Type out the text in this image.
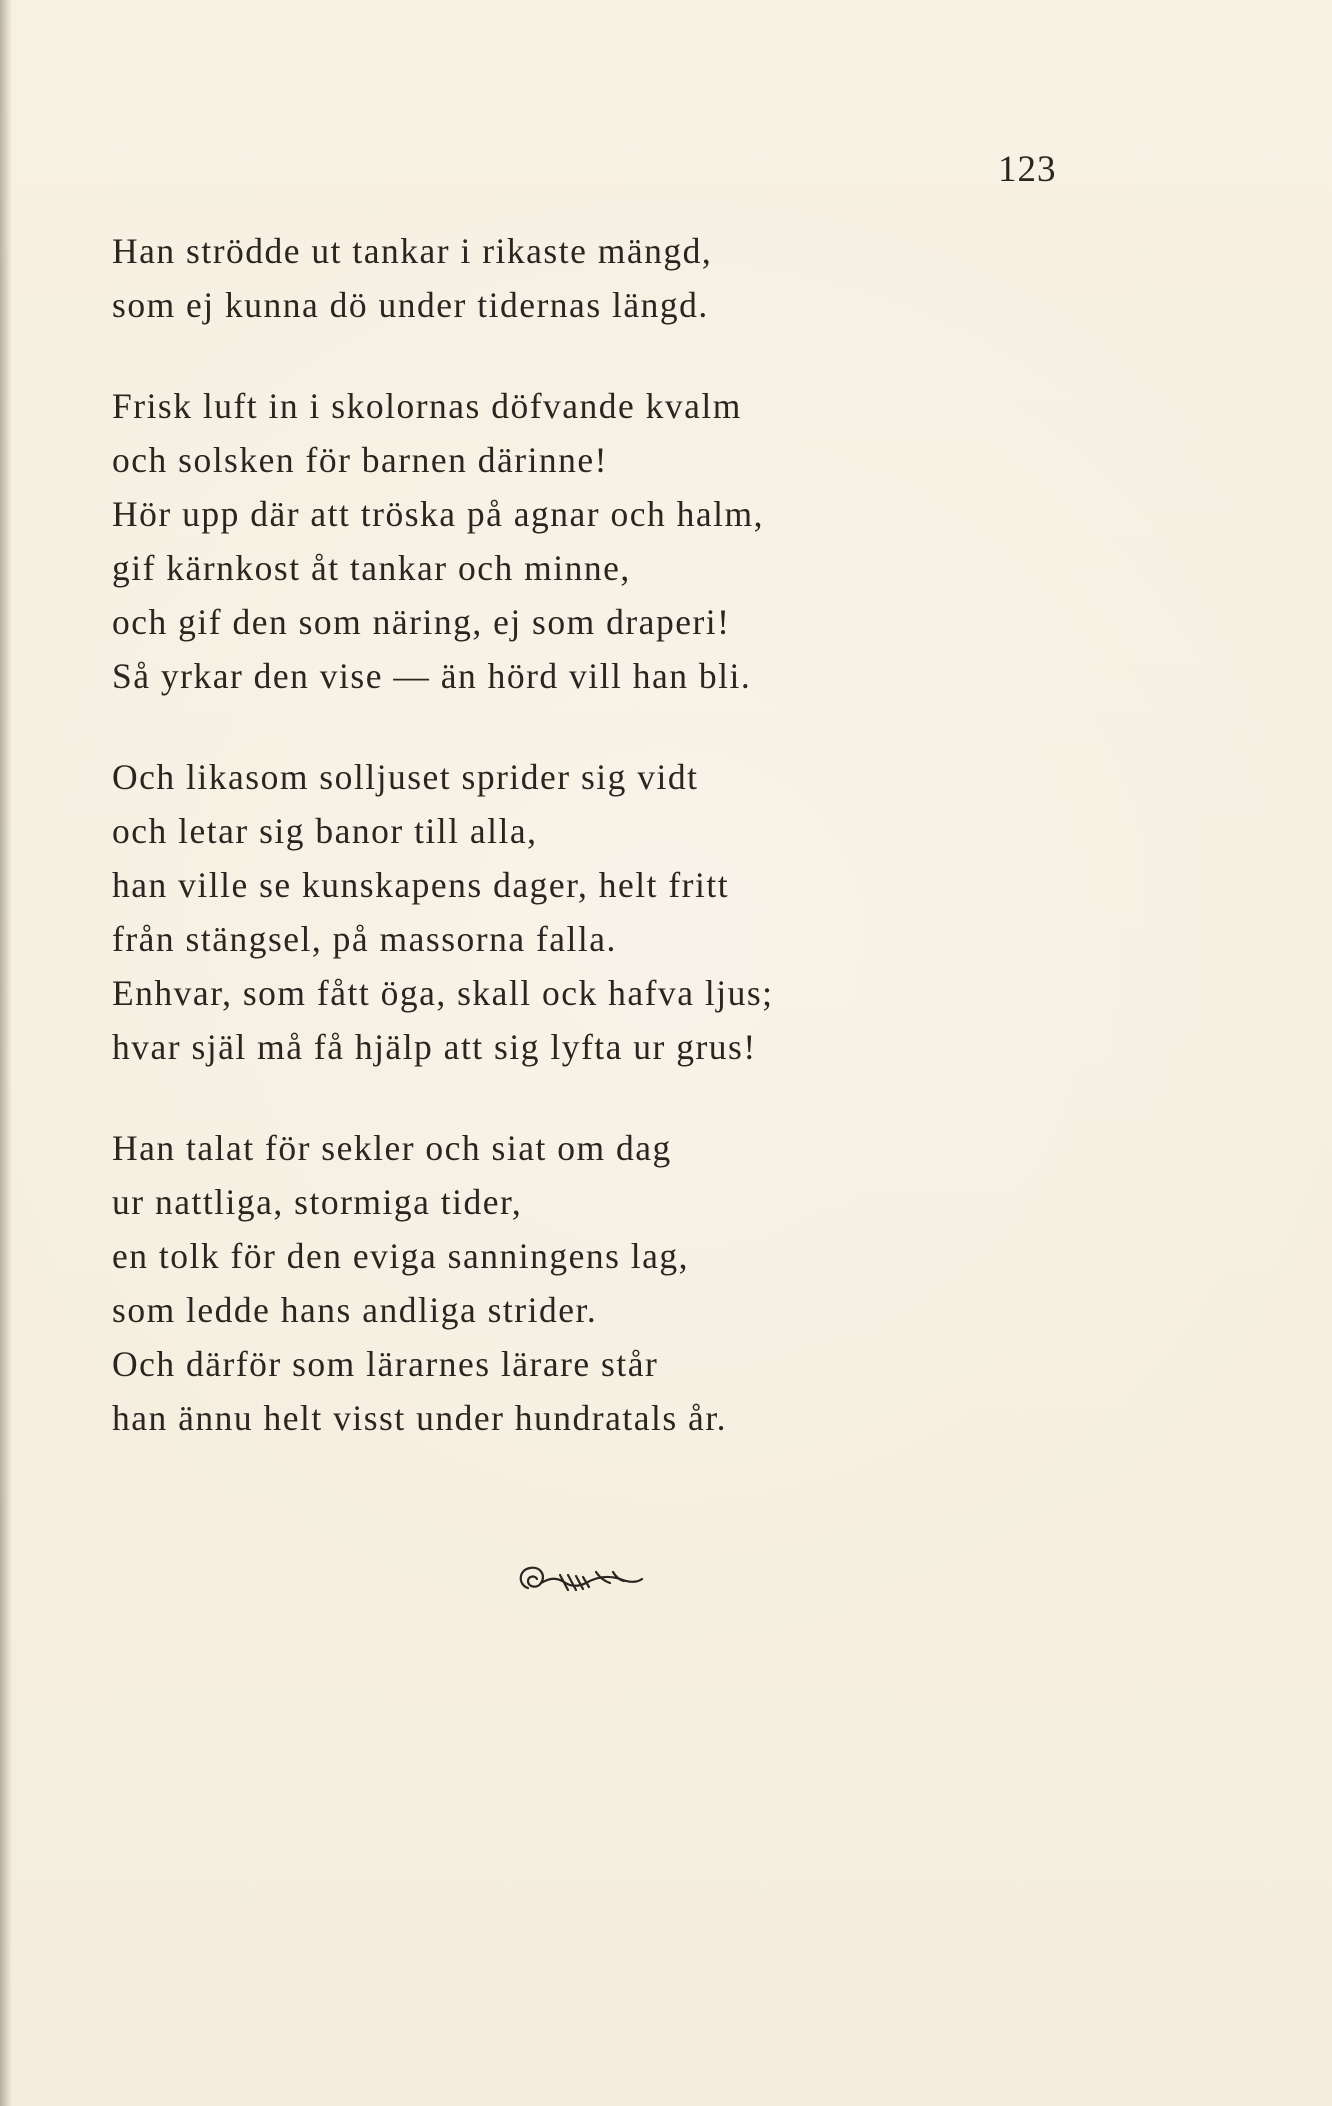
123
Han strödde ut tankar i rikaste mängd,
som ej kunna dö under tidernas längd.
Frisk luft in i skolornas döfvande kvalm
och solsken för barnen därinne!
Hör upp där att tröska på agnar och halm,
gif kärnkost åt tankar och minne,
och gif den som näring, ej som draperi!
Så yrkar den vise — än hörd vill han bli.
Och likasom solljuset sprider sig vidt
och letar sig banor till alla,
han ville se kunskapens dager, helt fritt
från stängsel, på massorna falla.
Enhvar, som fått öga, skall ock hafva ljus;
hvar själ må få hjälp att sig lyfta ur grus!
Han talat för sekler och siat om dag
ur nattliga, stormiga tider,
en tolk för den eviga sanningens lag,
som ledde hans andliga strider.
Och därför som lärarnes lärare står
han ännu helt visst under hundratals år.
